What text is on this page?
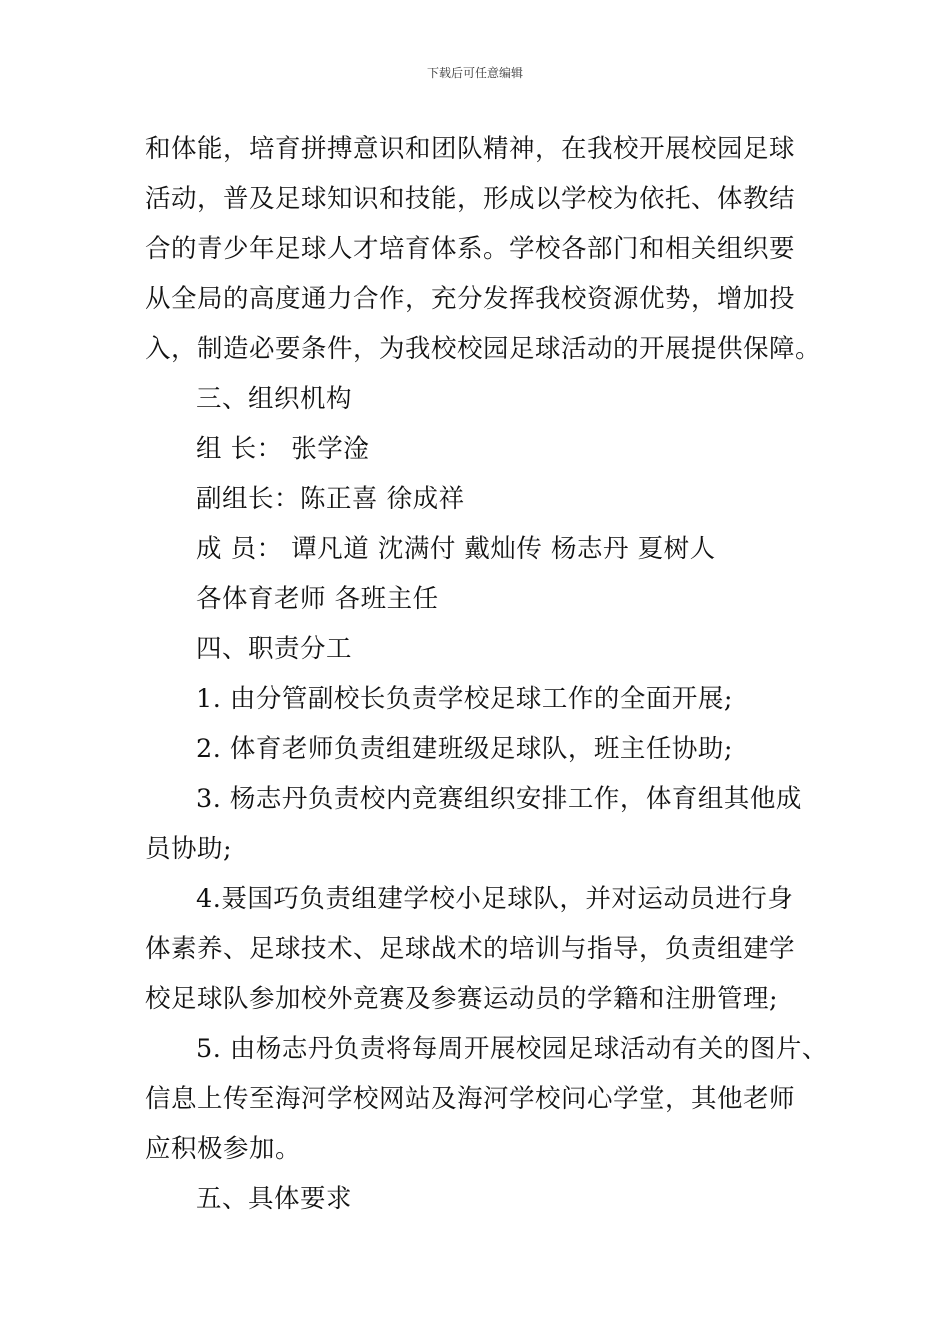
下载后可任意编辑
和体能，培育拼搏意识和团队精神，在我校开展校园足球
活动，普及足球知识和技能，形成以学校为依托、体教结
合的青少年足球人才培育体系。学校各部门和相关组织要
从全局的高度通力合作，充分发挥我校资源优势，增加投
入，制造必要条件，为我校校园足球活动的开展提供保障。
三、组织机构
组 长： 张学淦
副组长：陈正喜 徐成祥
成 员： 谭凡道 沈满付 戴灿传 杨志丹 夏树人
各体育老师 各班主任
四、职责分工
1. 由分管副校长负责学校足球工作的全面开展;
2. 体育老师负责组建班级足球队，班主任协助;
3. 杨志丹负责校内竞赛组织安排工作，体育组其他成
员协助;
4.聂国巧负责组建学校小足球队，并对运动员进行身
体素养、足球技术、足球战术的培训与指导，负责组建学
校足球队参加校外竞赛及参赛运动员的学籍和注册管理;
5. 由杨志丹负责将每周开展校园足球活动有关的图片、
信息上传至海河学校网站及海河学校问心学堂，其他老师
应积极参加。
五、具体要求
